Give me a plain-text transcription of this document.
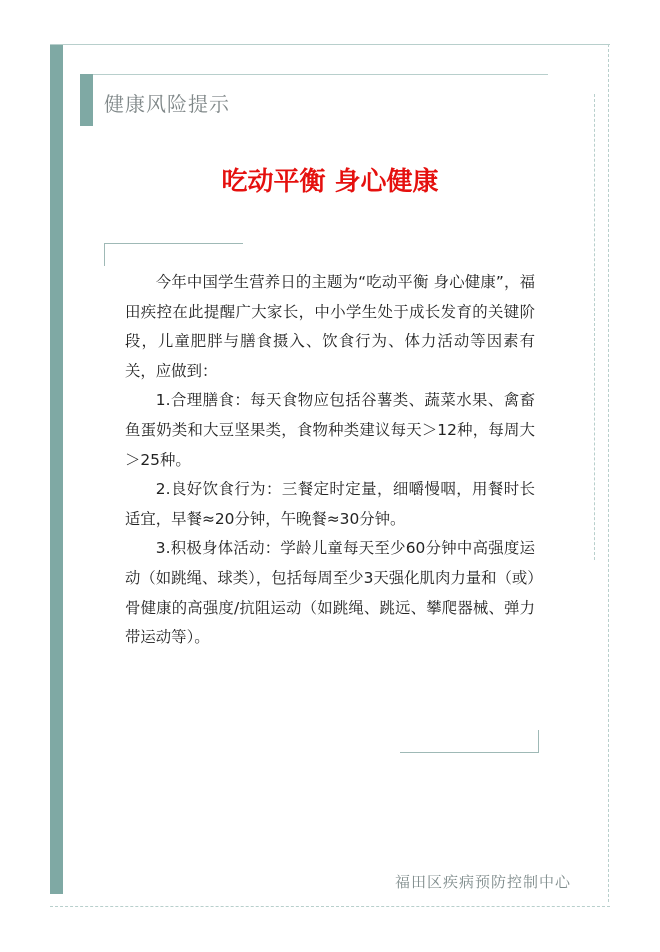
健康风险提示
吃动平衡 身心健康

今年中国学生营养日的主题为“吃动平衡 身心健康”，福田疾控在此提醒广大家长，中小学生处于成长发育的关键阶段，儿童肥胖与膳食摄入、饮食行为、体力活动等因素有关，应做到：

1.合理膳食：每天食物应包括谷薯类、蔬菜水果、禽畜鱼蛋奶类和大豆坚果类，食物种类建议每天＞12种，每周大＞25种。

2.良好饮食行为：三餐定时定量，细嚼慢咽，用餐时长适宜，早餐≈20分钟，午晚餐≈30分钟。

3.积极身体活动：学龄儿童每天至少60分钟中高强度运动（如跳绳、球类），包括每周至少3天强化肌肉力量和（或）骨健康的高强度/抗阻运动（如跳绳、跳远、攀爬器械、弹力带运动等）。

福田区疾病预防控制中心
